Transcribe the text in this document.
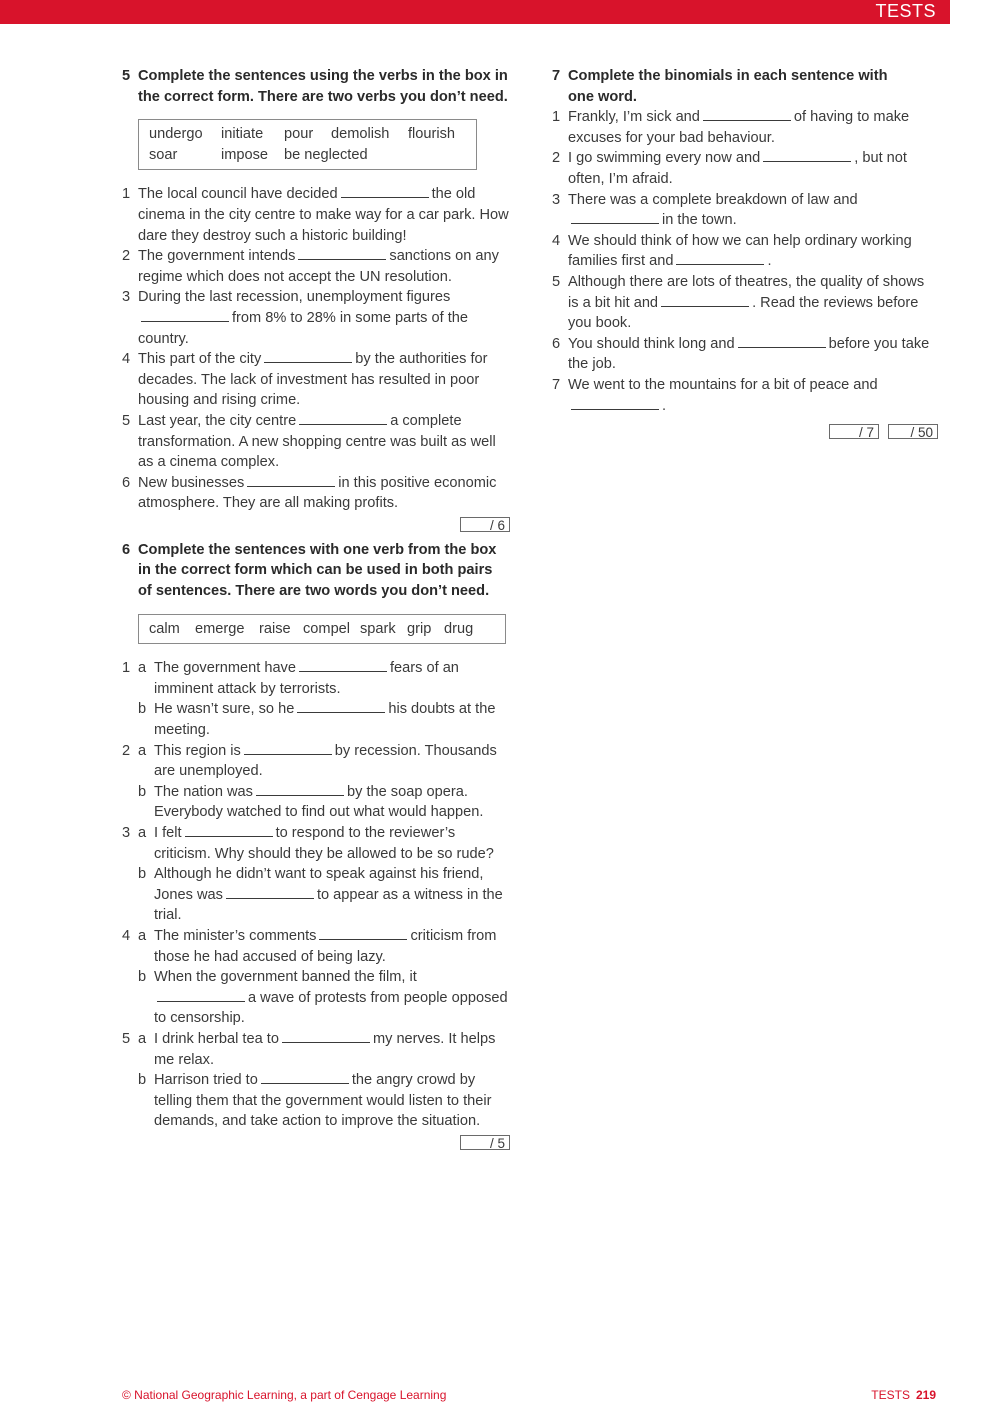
TESTS
5 Complete the sentences using the verbs in the box in the correct form. There are two verbs you don’t need.
undergo	initiate	pour	demolish	flourish
soar	impose	be neglected
1 The local council have decided	the old cinema in the city centre to make way for a car park. How dare they destroy such a historic building!
2 The government intends	sanctions on any regime which does not accept the UN resolution.
3 During the last recession, unemployment figuresfrom 8% to 28% in some parts of the country.
4 This part of the city	by the authorities for decades. The lack of investment has resulted in poor housing and rising crime.
5 Last year, the city centre	a complete transformation. A new shopping centre was built as well as a cinema complex.
6 New businesses	in this positive economic atmosphere. They are all making profits.
/ 6
6 Complete the sentences with one verb from the box in the correct form which can be used in both pairs of sentences. There are two words you don’t need.
calm	emerge raise compel spark grip drug
1 a The government have	fears of an imminent attack by terrorists.
b He wasn’t sure, so he	his doubts at the meeting.
2 a This region is	by recession. Thousands are unemployed.
b The nation was	by the soap opera. Everybody watched to find out what would happen.
3 a I felt	to respond to the reviewer’s criticism. Why should they be allowed to be so rude?
b Although he didn’t want to speak against his friend, Jones was	to appear as a witness in the trial.
4 a The minister’s comments	criticism from those he had accused of being lazy.
b When the government banned the film, ita wave of protests from people opposed to censorship.
5 a I drink herbal tea to	my nerves. It helps me relax.
b Harrison tried to	the angry crowd by telling them that the government would listen to their demands, and take action to improve the situation.
/ 5
7 Complete the binomials in each sentence with one word.
1 Frankly, I’m sick and	of having to make excuses for your bad behaviour.
2 I go swimming every now and	, but not often, I’m afraid.
3 There was a complete breakdown of law andin the town.
4 We should think of how we can help ordinary working families first and	.
5 Although there are lots of theatres, the quality of shows is a bit hit and	. Read the reviews before you book.
6 You should think long and	before you take the job.
7 We went to the mountains for a bit of peace and.
/ 7	/ 50
© National Geographic Learning, a part of Cengage Learning	TESTS 219
